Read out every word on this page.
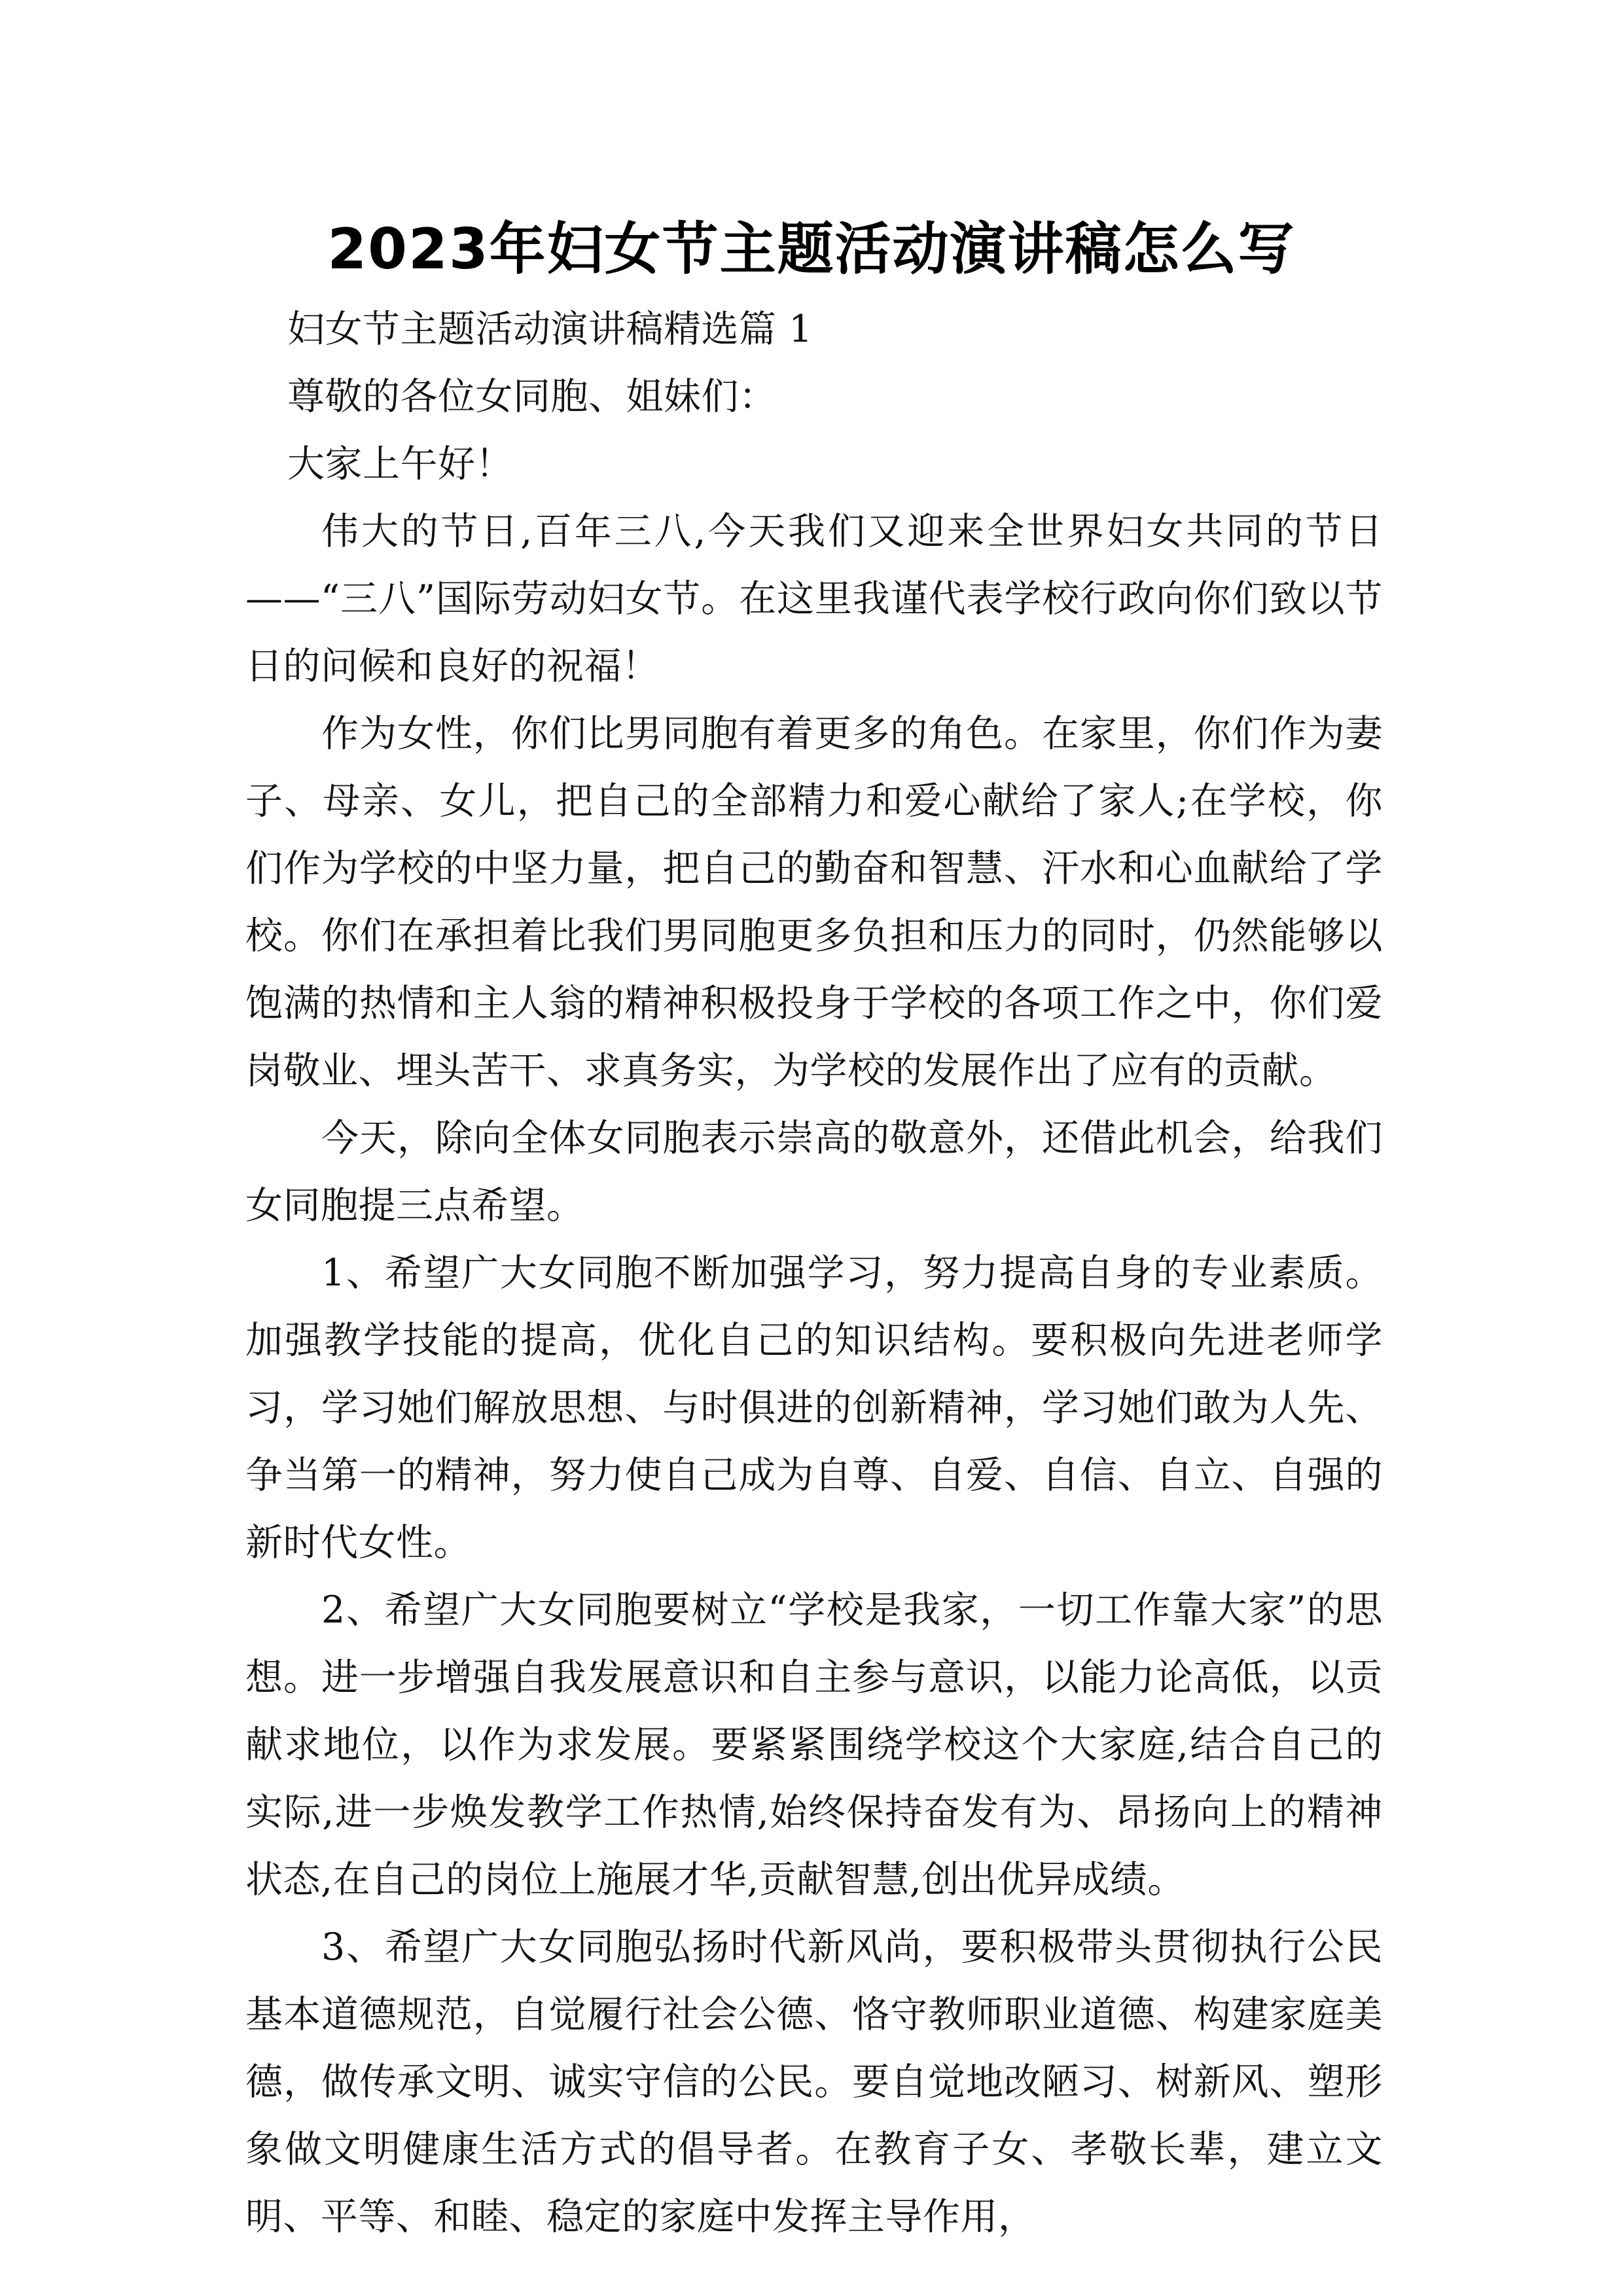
2023年妇女节主题活动演讲稿怎么写

妇女节主题活动演讲稿精选篇 1

尊敬的各位女同胞、姐妹们：

大家上午好！

伟大的节日,百年三八,今天我们又迎来全世界妇女共同的节日——“三八”国际劳动妇女节。在这里我谨代表学校行政向你们致以节日的问候和良好的祝福！

作为女性，你们比男同胞有着更多的角色。在家里，你们作为妻子、母亲、女儿，把自己的全部精力和爱心献给了家人;在学校，你们作为学校的中坚力量，把自己的勤奋和智慧、汗水和心血献给了学校。你们在承担着比我们男同胞更多负担和压力的同时，仍然能够以饱满的热情和主人翁的精神积极投身于学校的各项工作之中，你们爱岗敬业、埋头苦干、求真务实，为学校的发展作出了应有的贡献。

今天，除向全体女同胞表示崇高的敬意外，还借此机会，给我们女同胞提三点希望。

1、希望广大女同胞不断加强学习，努力提高自身的专业素质。加强教学技能的提高，优化自己的知识结构。要积极向先进老师学习，学习她们解放思想、与时俱进的创新精神，学习她们敢为人先、争当第一的精神，努力使自己成为自尊、自爱、自信、自立、自强的新时代女性。

2、希望广大女同胞要树立“学校是我家，一切工作靠大家”的思想。进一步增强自我发展意识和自主参与意识，以能力论高低，以贡献求地位，以作为求发展。要紧紧围绕学校这个大家庭,结合自己的实际,进一步焕发教学工作热情,始终保持奋发有为、昂扬向上的精神状态,在自己的岗位上施展才华,贡献智慧,创出优异成绩。

3、希望广大女同胞弘扬时代新风尚，要积极带头贯彻执行公民基本道德规范，自觉履行社会公德、恪守教师职业道德、构建家庭美德，做传承文明、诚实守信的公民。要自觉地改陋习、树新风、塑形象做文明健康生活方式的倡导者。在教育子女、孝敬长辈，建立文明、平等、和睦、稳定的家庭中发挥主导作用，
